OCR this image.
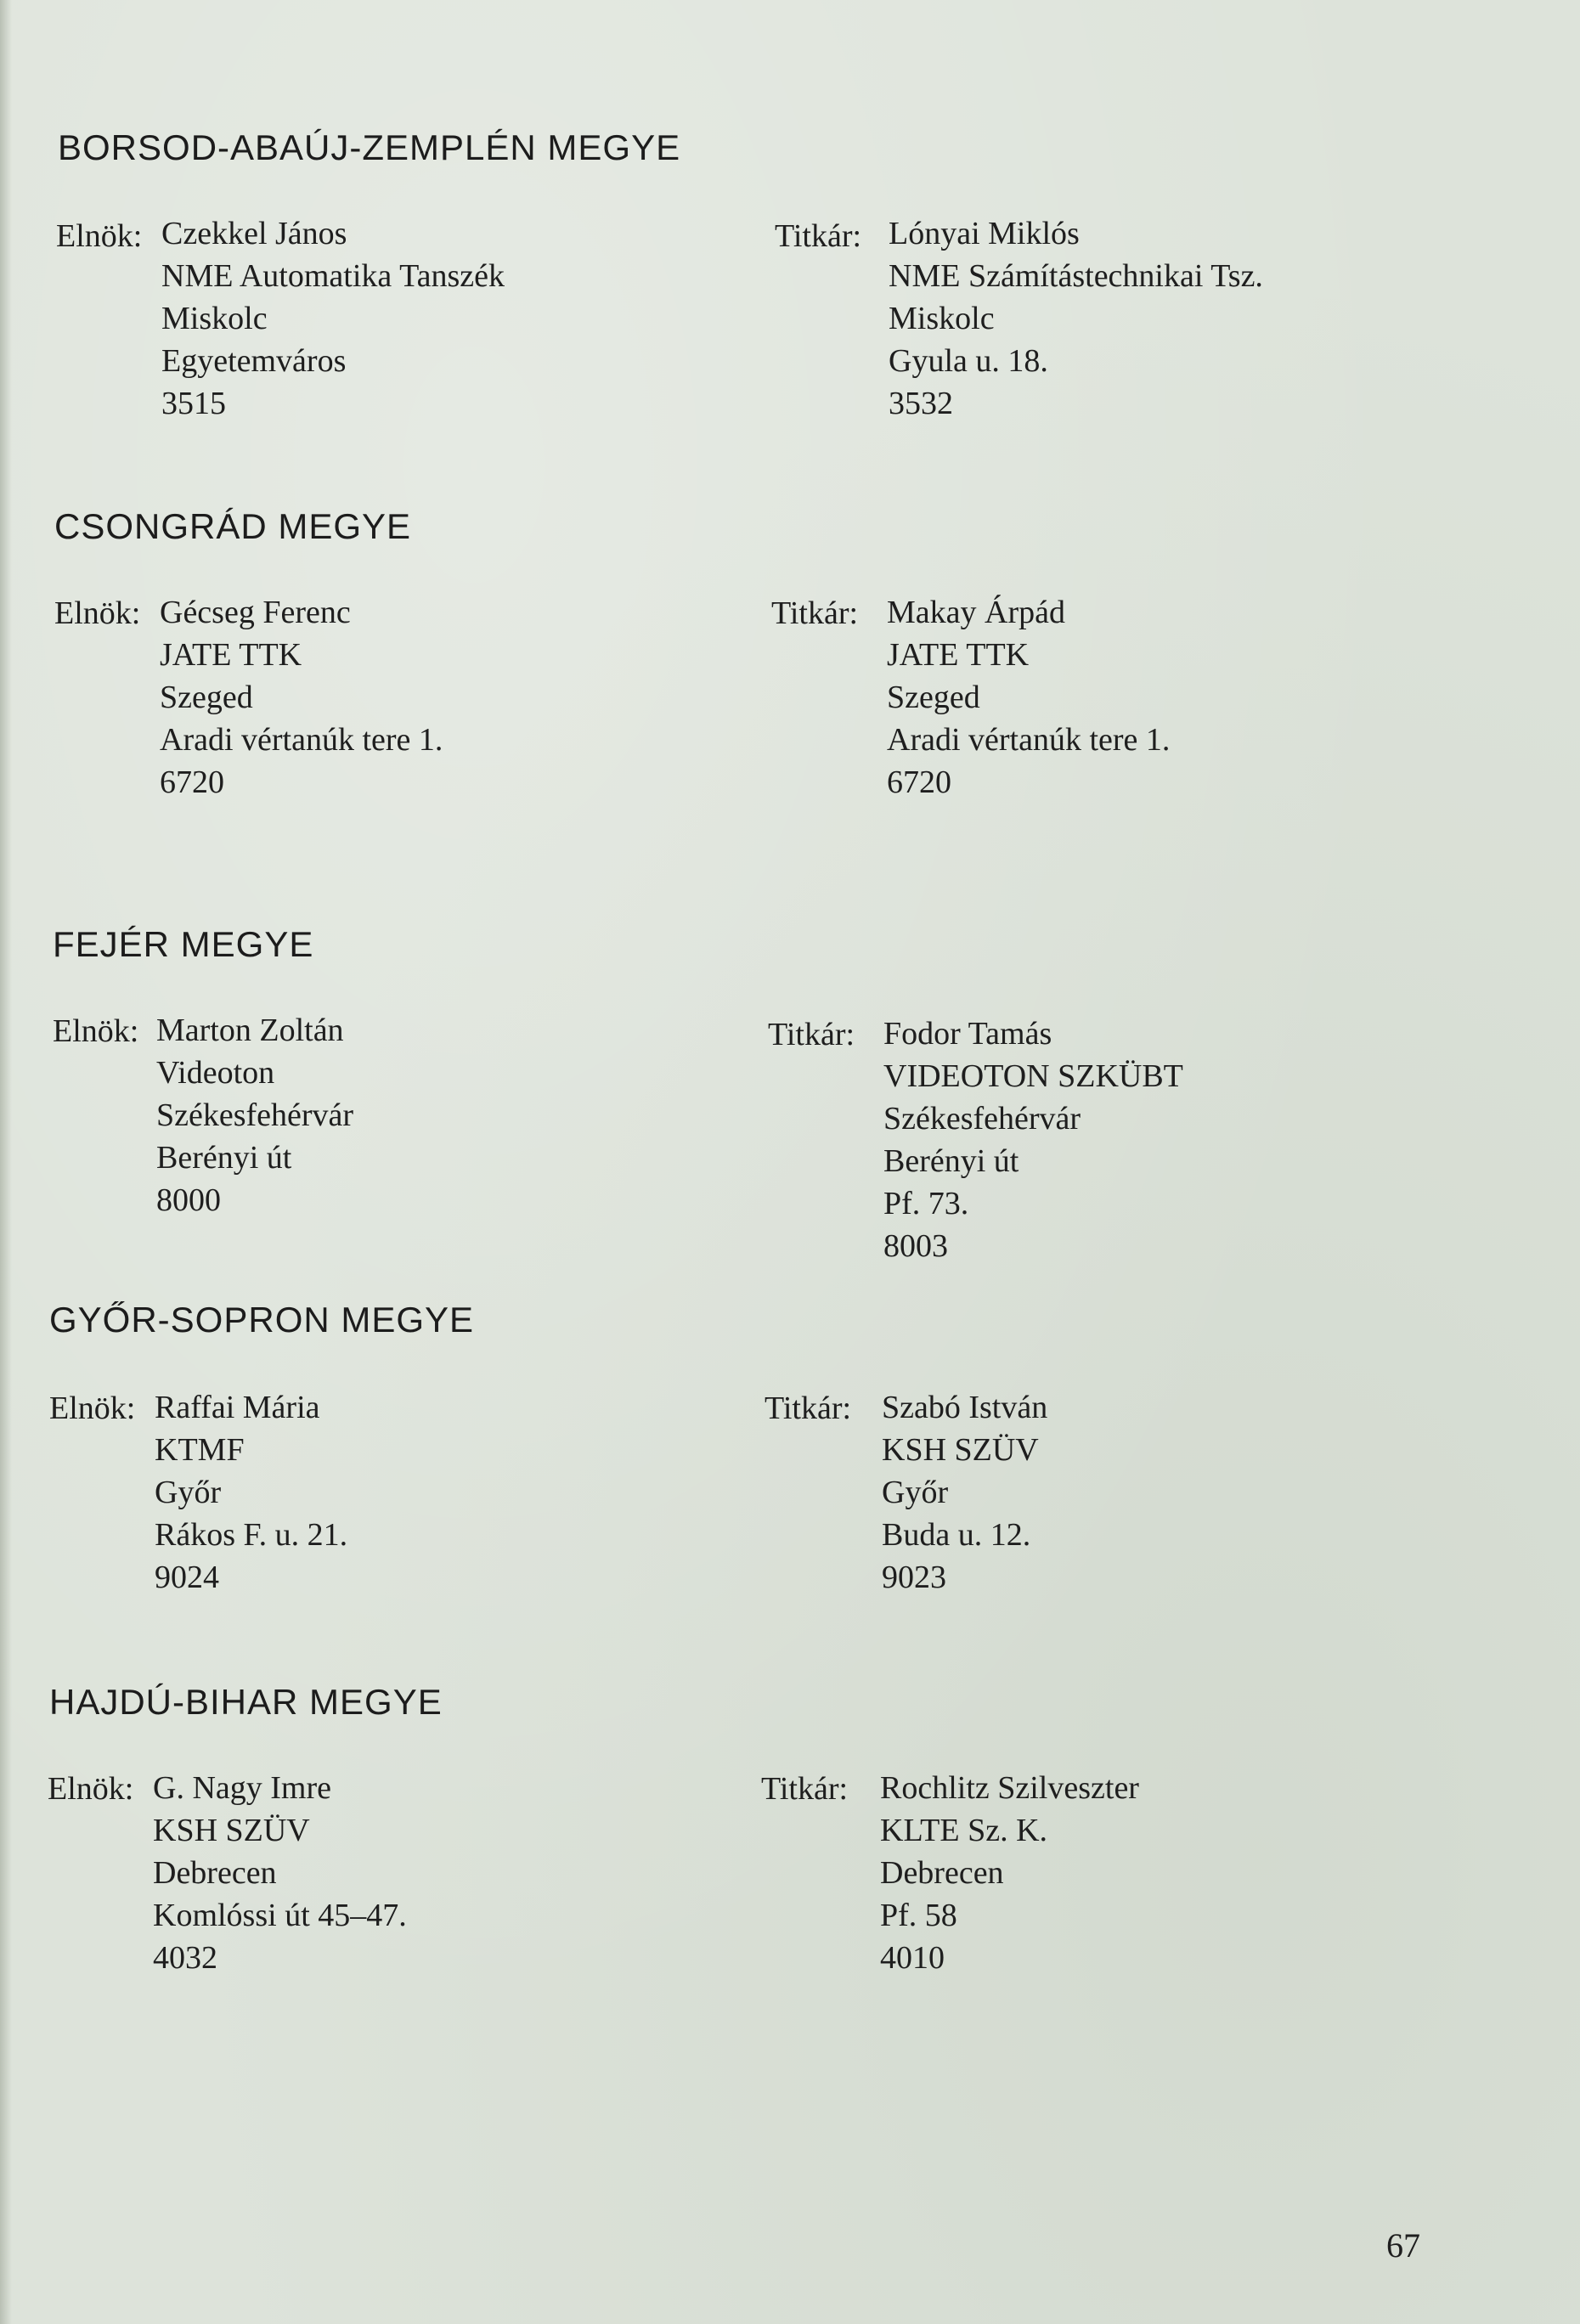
BORSOD-ABAÚJ-ZEMPLÉN MEGYE
Elnök: Czekkel János
NME Automatika Tanszék
Miskolc
Egyetemváros
3515
Titkár: Lónyai Miklós
NME Számítástechnikai Tsz.
Miskolc
Gyula u. 18.
3532
CSONGRÁD MEGYE
Elnök: Gécseg Ferenc
JATE TTK
Szeged
Aradi vértanúk tere 1.
6720
Titkár: Makay Árpád
JATE TTK
Szeged
Aradi vértanúk tere 1.
6720
FEJÉR MEGYE
Elnök: Marton Zoltán
Videoton
Székesfehérvár
Berényi út
8000
Titkár: Fodor Tamás
VIDEOTON SZKÜBT
Székesfehérvár
Berényi út
Pf. 73.
8003
GYŐR-SOPRON MEGYE
Elnök: Raffai Mária
KTMF
Győr
Rákos F. u. 21.
9024
Titkár: Szabó István
KSH SZÜV
Győr
Buda u. 12.
9023
HAJDÚ-BIHAR MEGYE
Elnök: G. Nagy Imre
KSH SZÜV
Debrecen
Komlóssi út 45–47.
4032
Titkár: Rochlitz Szilveszter
KLTE Sz. K.
Debrecen
Pf. 58
4010
67
